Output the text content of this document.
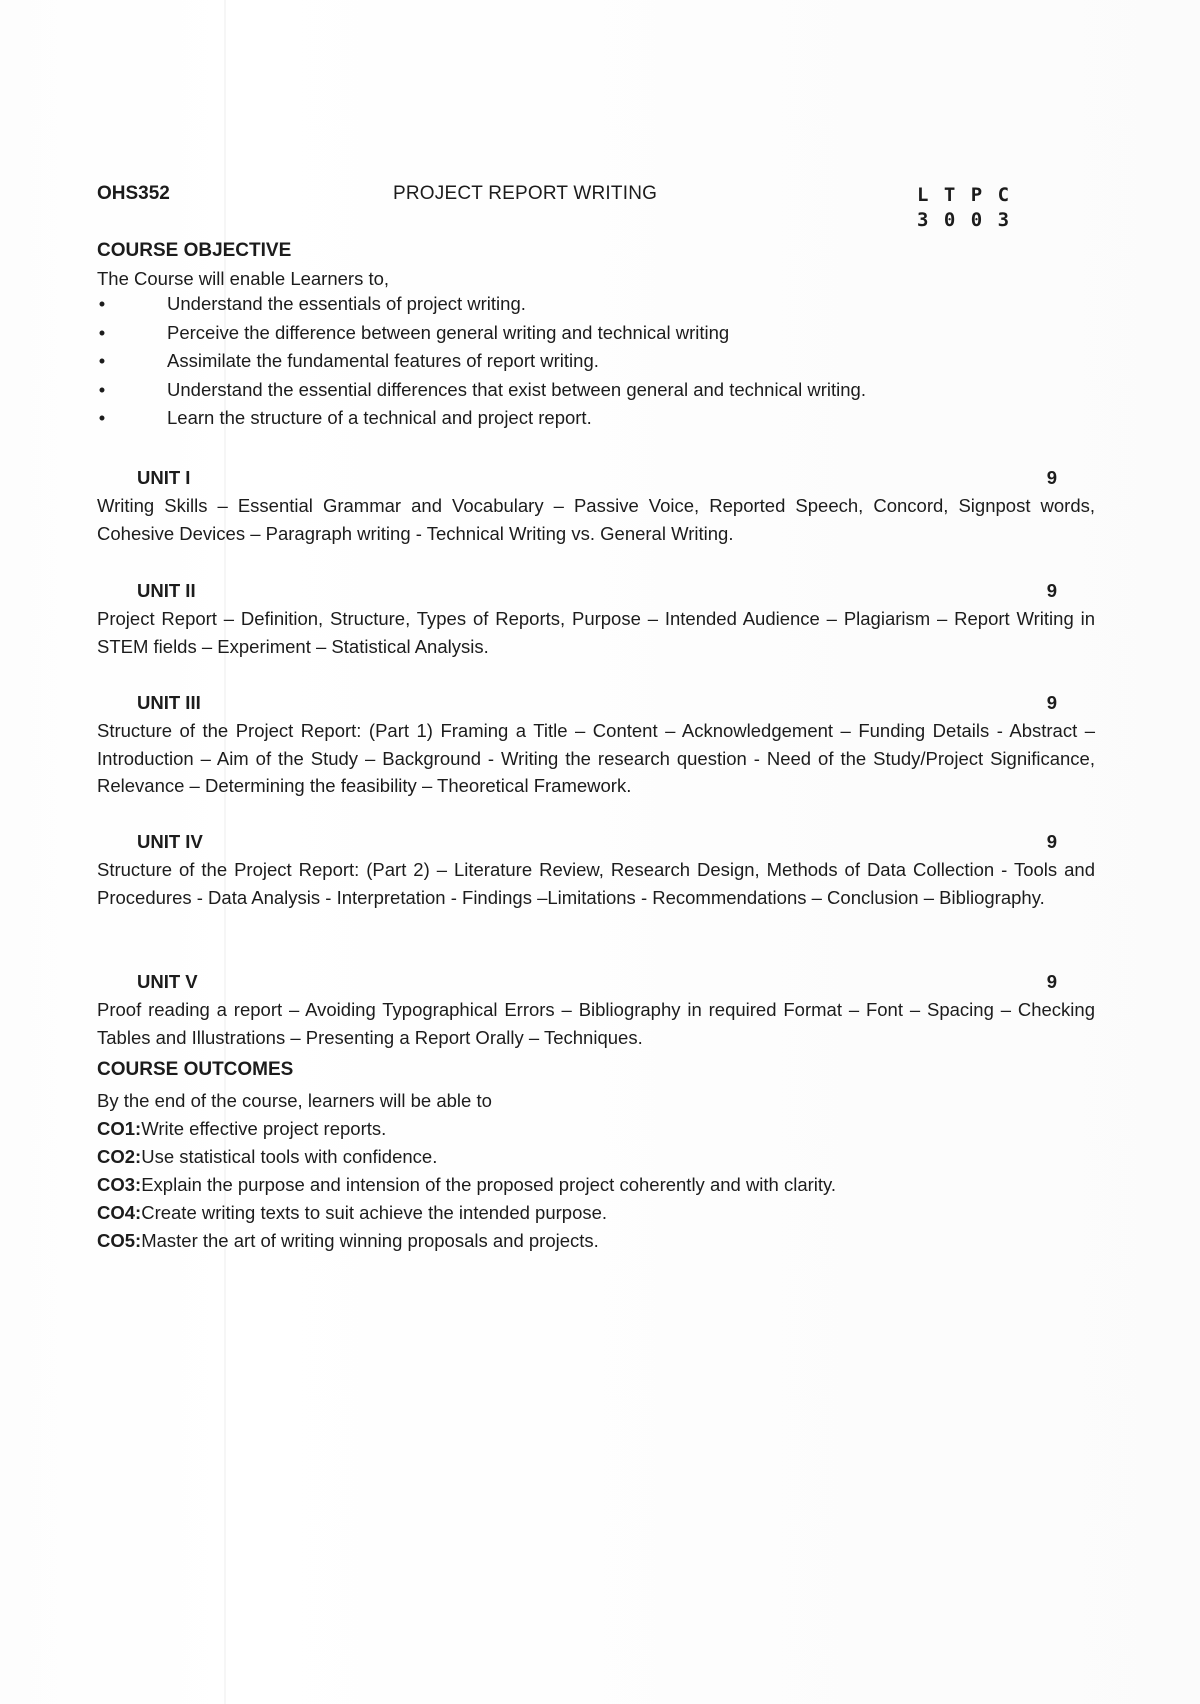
OHS352	PROJECT REPORT WRITING	L T P C
3 0 0 3
COURSE OBJECTIVE
The Course will enable Learners to,
•	Understand the essentials of project writing.
•	Perceive the difference between general writing and technical writing
•	Assimilate the fundamental features of report writing.
•	Understand the essential differences that exist between general and technical writing.
•	Learn the structure of a technical and project report.
UNIT I	9
Writing Skills – Essential Grammar and Vocabulary – Passive Voice, Reported Speech, Concord, Signpost words, Cohesive Devices – Paragraph writing - Technical Writing vs. General Writing.
UNIT II	9
Project Report – Definition, Structure, Types of Reports, Purpose – Intended Audience – Plagiarism – Report Writing in STEM fields – Experiment – Statistical Analysis.
UNIT III	9
Structure of the Project Report: (Part 1) Framing a Title – Content – Acknowledgement – Funding Details - Abstract – Introduction – Aim of the Study – Background - Writing the research question - Need of the Study/Project Significance, Relevance – Determining the feasibility – Theoretical Framework.
UNIT IV	9
Structure of the Project Report: (Part 2) – Literature Review, Research Design, Methods of Data Collection - Tools and Procedures - Data Analysis - Interpretation - Findings –Limitations - Recommendations – Conclusion – Bibliography.
UNIT V	9
Proof reading a report – Avoiding Typographical Errors – Bibliography in required Format – Font – Spacing – Checking Tables and Illustrations – Presenting a Report Orally – Techniques.
COURSE OUTCOMES
By the end of the course, learners will be able to
CO1:Write effective project reports.
CO2:Use statistical tools with confidence.
CO3:Explain the purpose and intension of the proposed project coherently and with clarity.
CO4:Create writing texts to suit achieve the intended purpose.
CO5:Master the art of writing winning proposals and projects.
